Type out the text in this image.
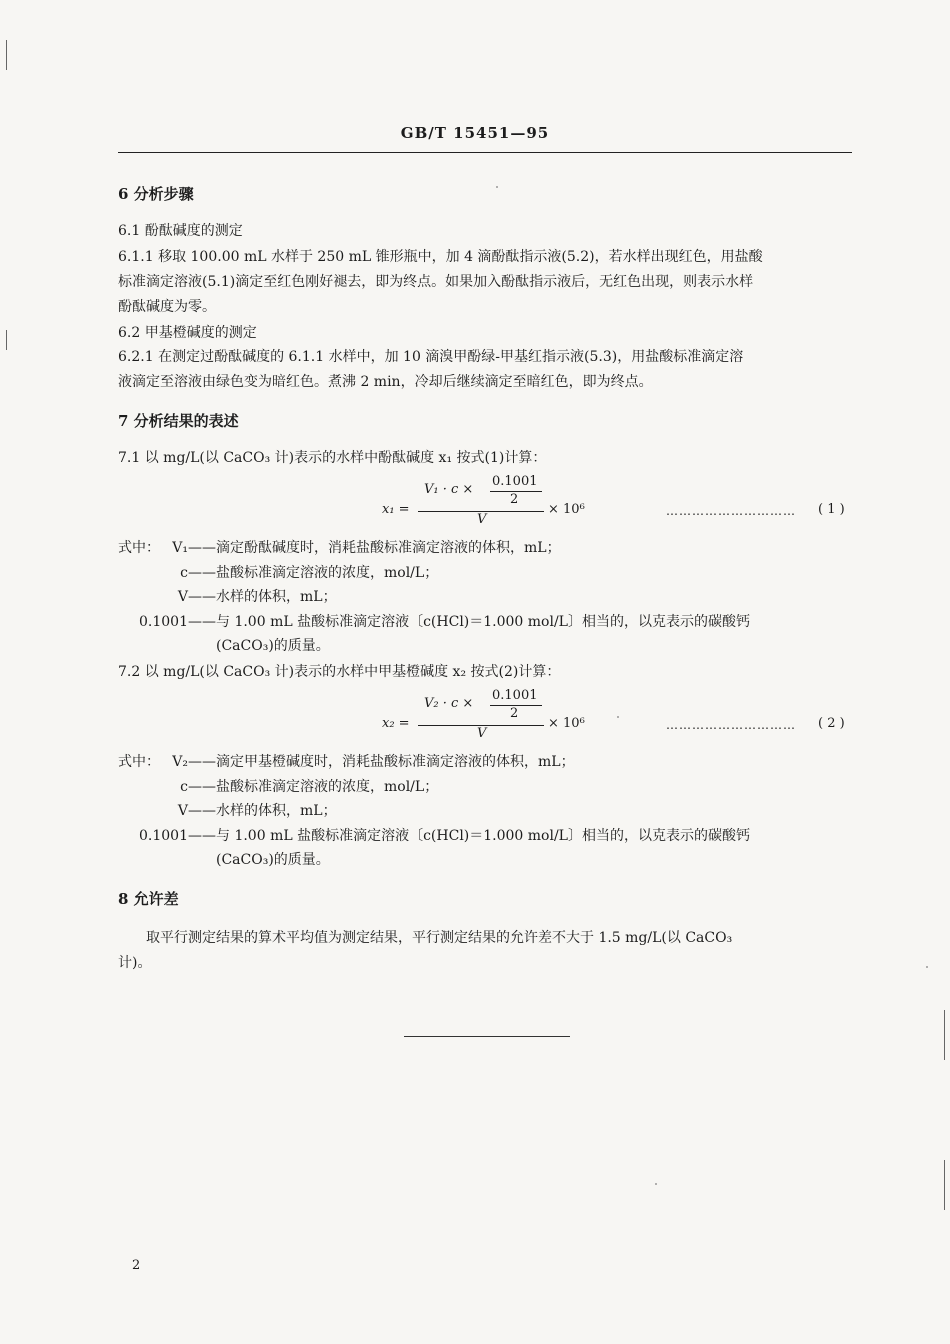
GB/T 15451—95
6 分析步骤
6.1 酚酞碱度的测定
6.1.1 移取 100.00 mL 水样于 250 mL 锥形瓶中，加 4 滴酚酞指示液(5.2)，若水样出现红色，用盐酸
标准滴定溶液(5.1)滴定至红色刚好褪去，即为终点。如果加入酚酞指示液后，无红色出现，则表示水样
酚酞碱度为零。
6.2 甲基橙碱度的测定
6.2.1 在测定过酚酞碱度的 6.1.1 水样中，加 10 滴溴甲酚绿-甲基红指示液(5.3)，用盐酸标准滴定溶
液滴定至溶液由绿色变为暗红色。煮沸 2 min，冷却后继续滴定至暗红色，即为终点。
7 分析结果的表述
7.1 以 mg/L(以 CaCO₃ 计)表示的水样中酚酞碱度 x₁ 按式(1)计算：
x₁ =
V₁ · c ×
0.1001
2
V
× 10⁶	………………………… ( 1 )
式中： V₁—— 滴定酚酞碱度时，消耗盐酸标准滴定溶液的体积，mL；
c—— 盐酸标准滴定溶液的浓度，mol/L；
V—— 水样的体积，mL；
0.1001—— 与 1.00 mL 盐酸标准滴定溶液〔c(HCl)＝1.000 mol/L〕相当的，以克表示的碳酸钙
(CaCO₃)的质量。
7.2 以 mg/L(以 CaCO₃ 计)表示的水样中甲基橙碱度 x₂ 按式(2)计算：
x₂ =
V₂ · c ×
0.1001
2
V
× 10⁶	………………………… ( 2 )
式中： V₂—— 滴定甲基橙碱度时，消耗盐酸标准滴定溶液的体积，mL；
c—— 盐酸标准滴定溶液的浓度，mol/L；
V—— 水样的体积，mL；
0.1001—— 与 1.00 mL 盐酸标准滴定溶液〔c(HCl)＝1.000 mol/L〕相当的，以克表示的碳酸钙
(CaCO₃)的质量。
8 允许差
取平行测定结果的算术平均值为测定结果，平行测定结果的允许差不大于 1.5 mg/L(以 CaCO₃
计)。
2
